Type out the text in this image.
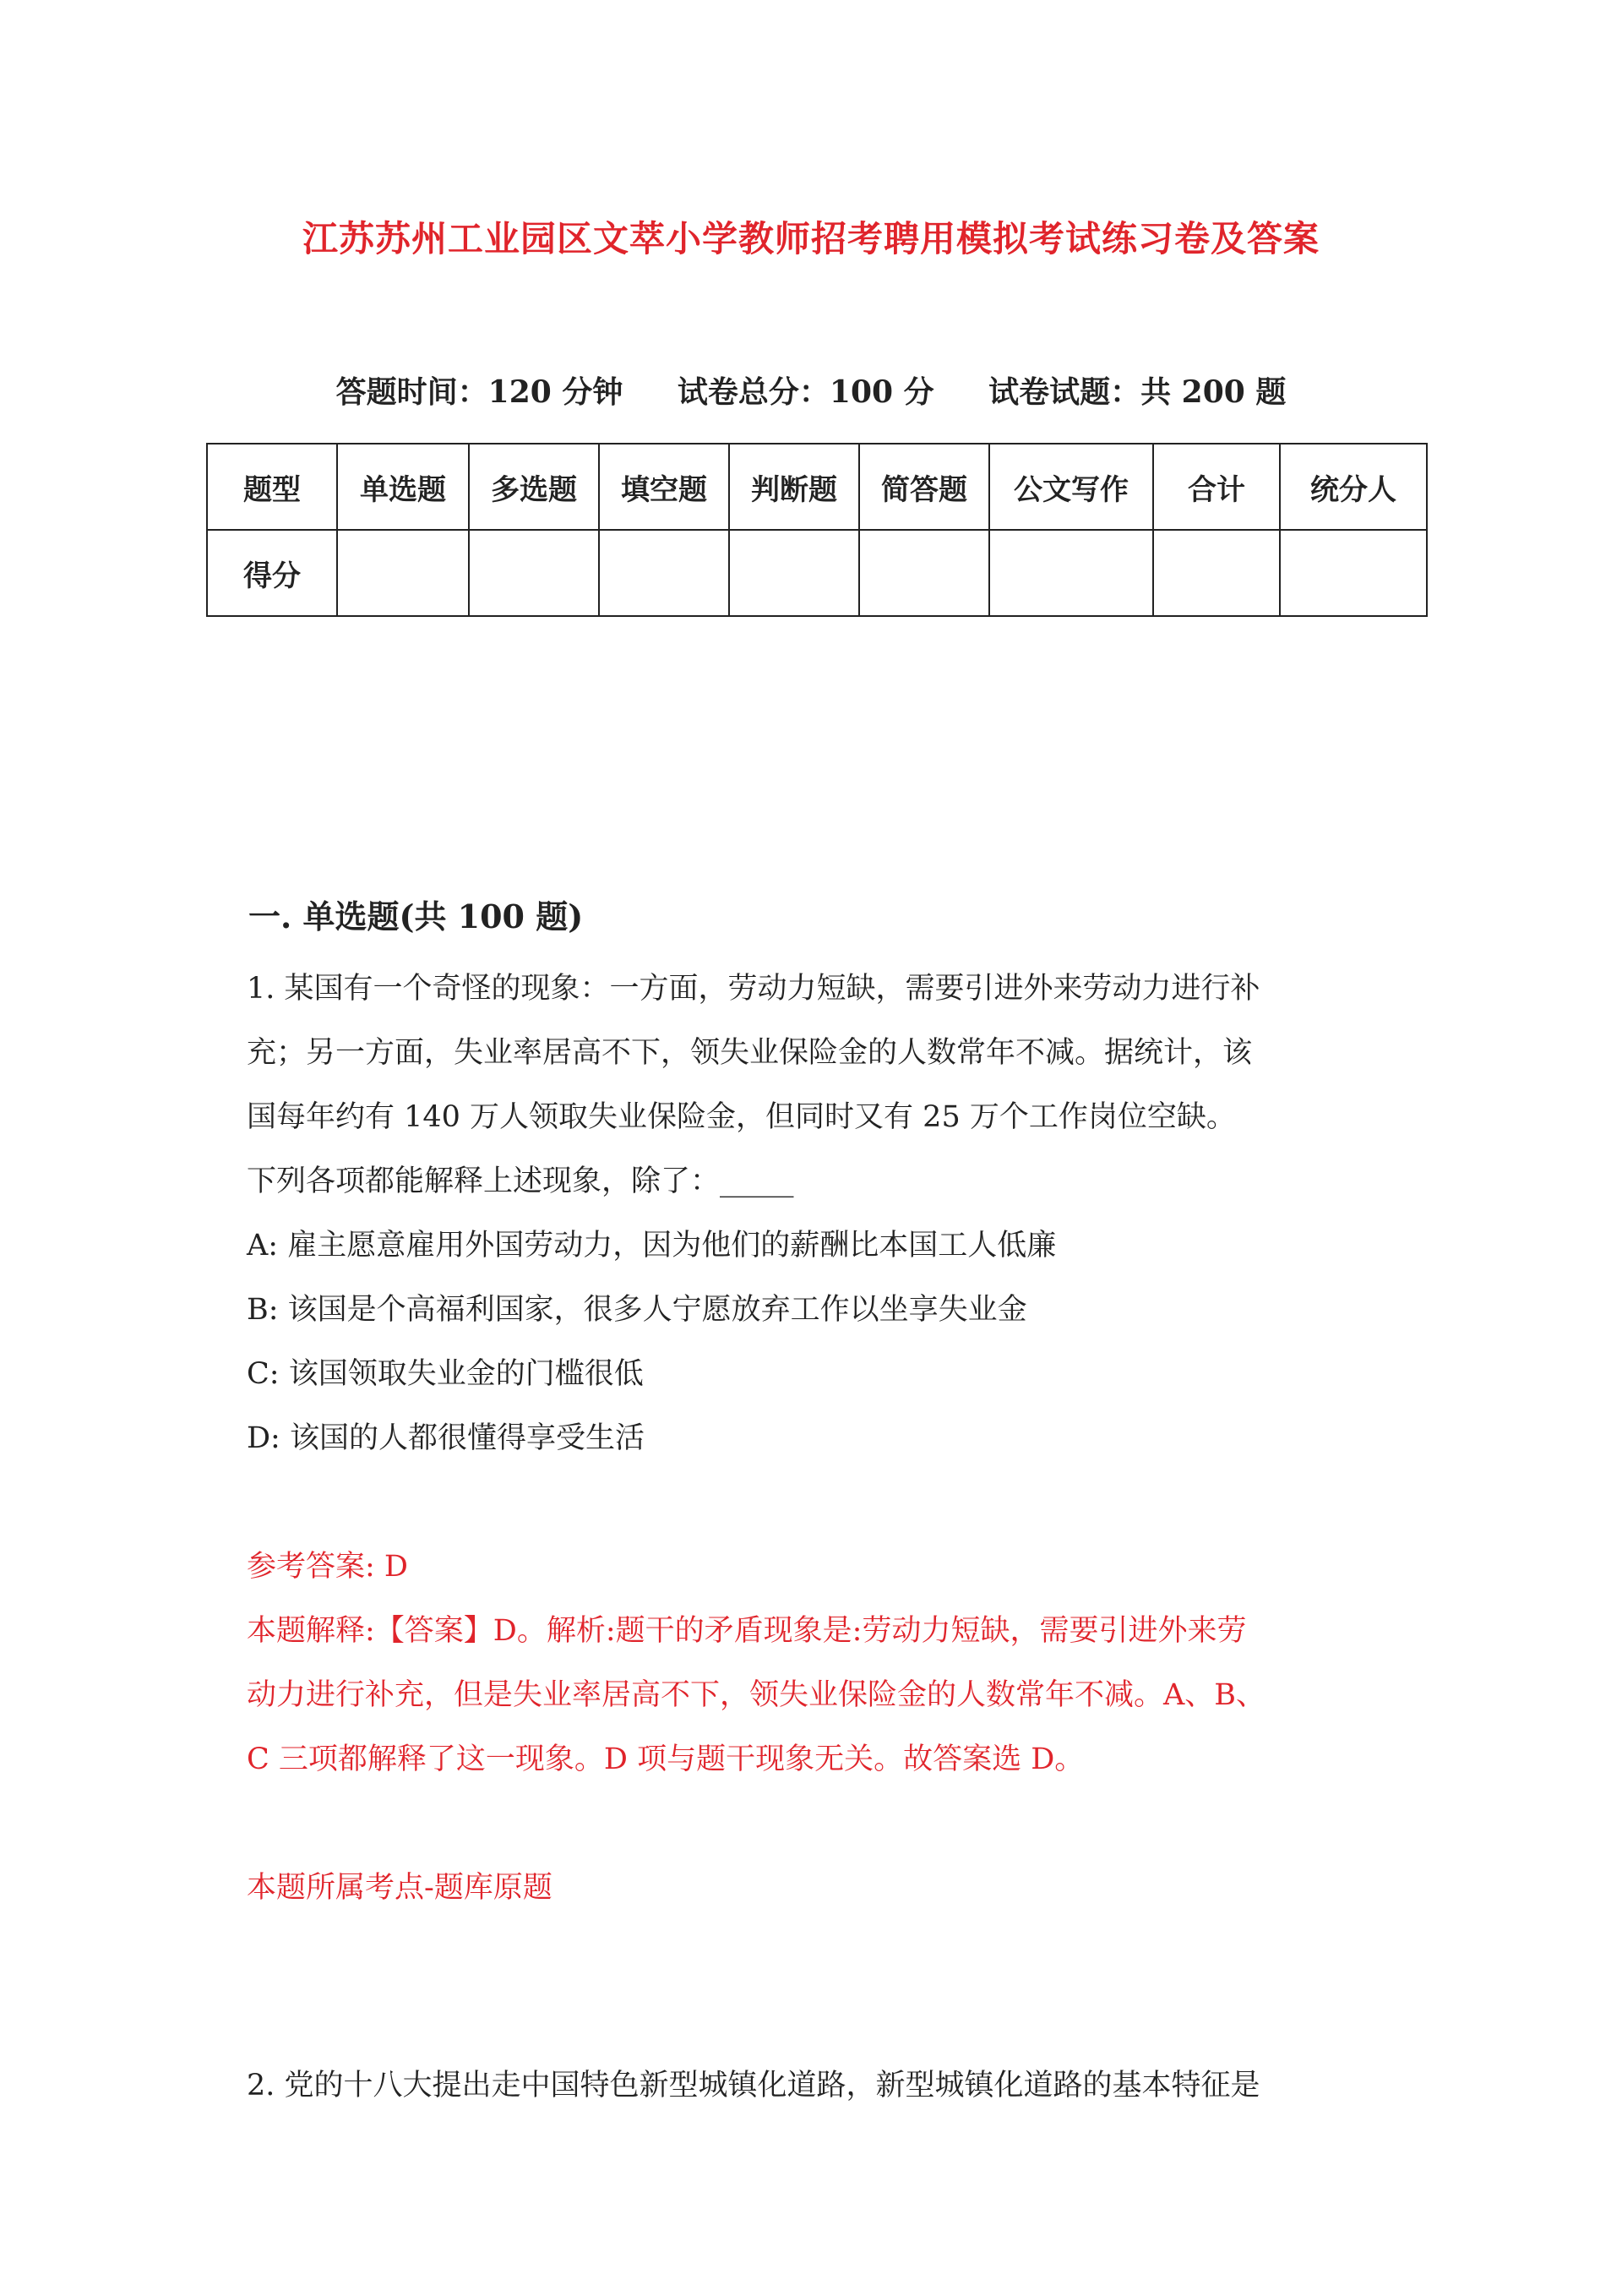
江苏苏州工业园区文萃小学教师招考聘用模拟考试练习卷及答案
答题时间：120 分钟 试卷总分：100 分 试卷试题：共 200 题
题型	单选题	多选题	填空题	判断题	简答题	公文写作	合计	统分人
得分								
一. 单选题(共 100 题)
1. 某国有一个奇怪的现象：一方面，劳动力短缺，需要引进外来劳动力进行补
充；另一方面，失业率居高不下，领失业保险金的人数常年不减。据统计，该
国每年约有 140 万人领取失业保险金，但同时又有 25 万个工作岗位空缺。
下列各项都能解释上述现象，除了：_____
A: 雇主愿意雇用外国劳动力，因为他们的薪酬比本国工人低廉
B: 该国是个高福利国家，很多人宁愿放弃工作以坐享失业金
C: 该国领取失业金的门槛很低
D: 该国的人都很懂得享受生活
参考答案: D
本题解释:【答案】D。解析:题干的矛盾现象是:劳动力短缺，需要引进外来劳
动力进行补充，但是失业率居高不下，领失业保险金的人数常年不减。A、B、
C 三项都解释了这一现象。D 项与题干现象无关。故答案选 D。
本题所属考点-题库原题
2. 党的十八大提出走中国特色新型城镇化道路，新型城镇化道路的基本特征是
